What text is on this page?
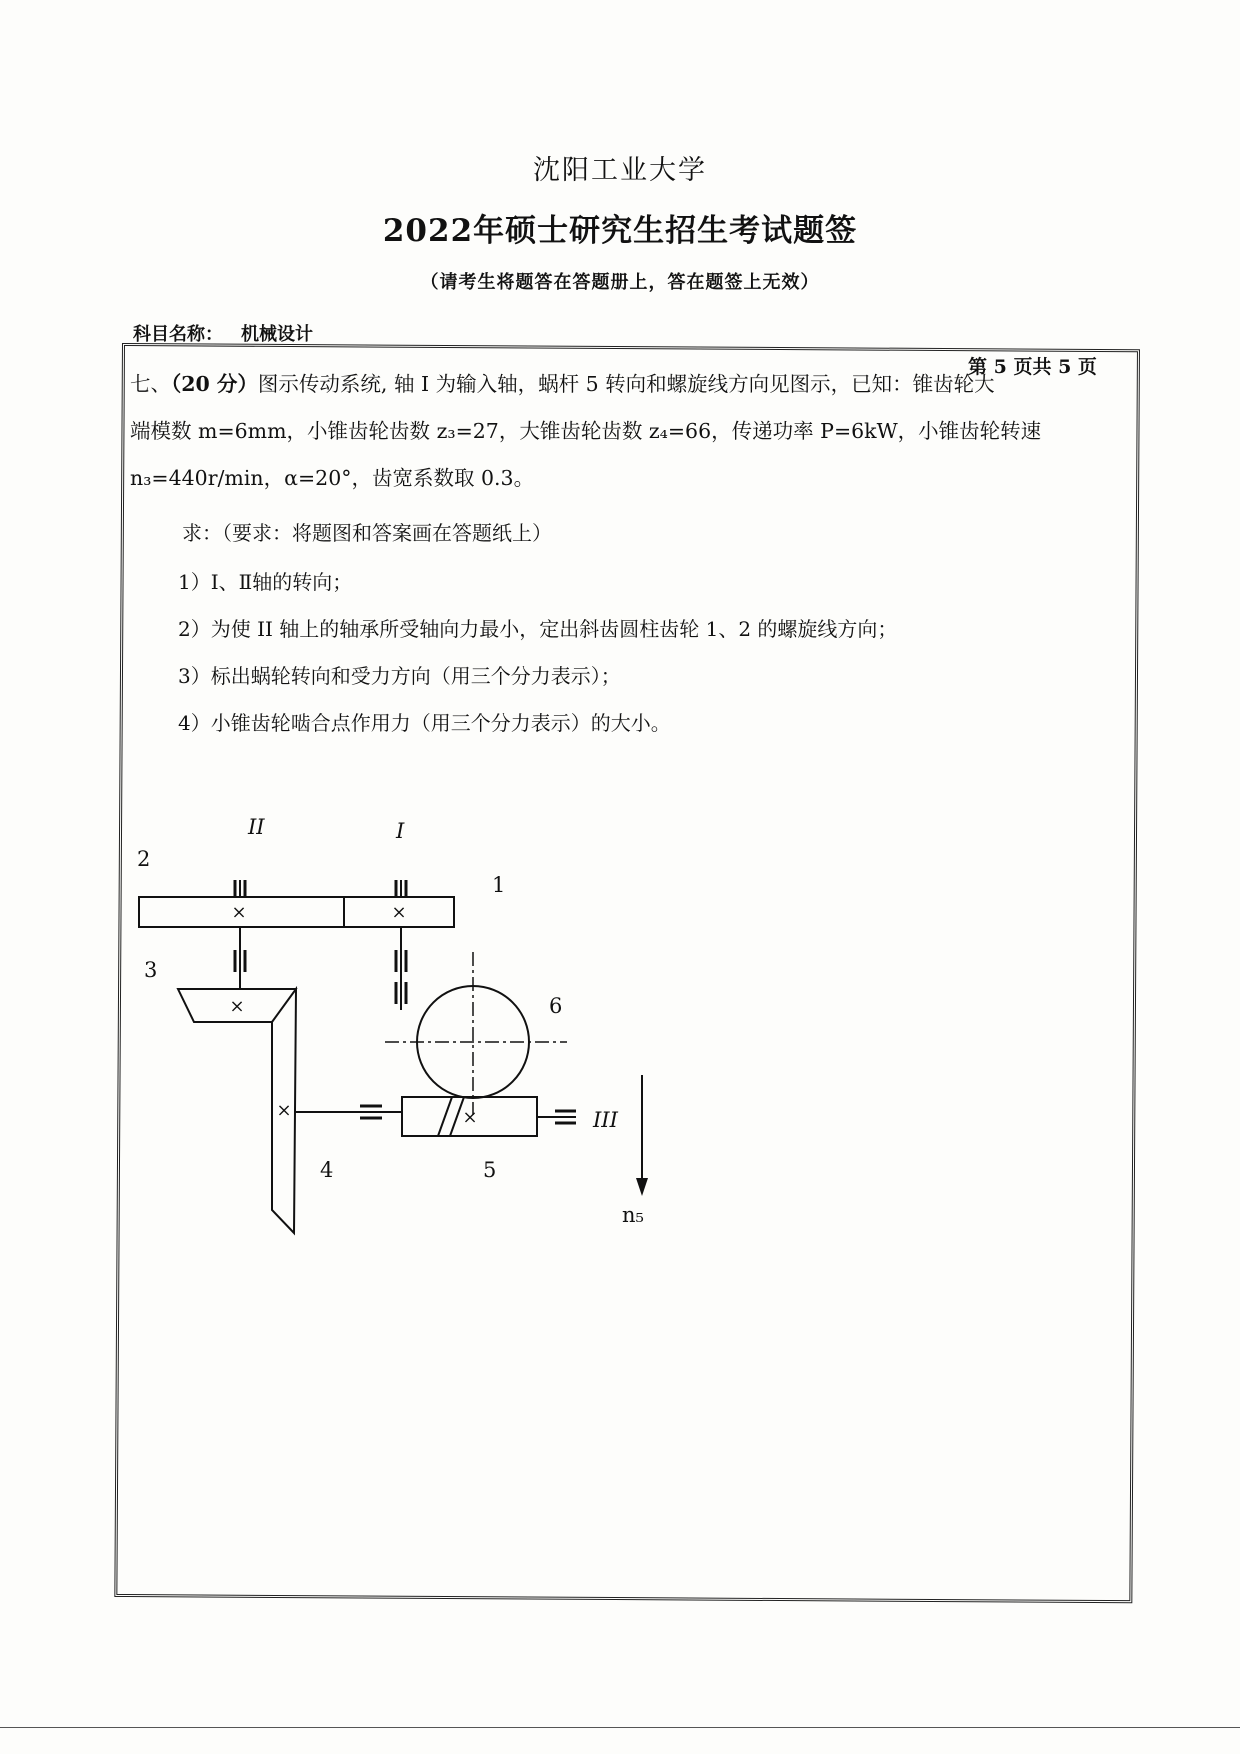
沈阳工业大学
2022年硕士研究生招生考试题签
（请考生将题答在答题册上，答在题签上无效）
科目名称： 机械设计
第 5 页共 5 页
七、（20 分）图示传动系统, 轴 I 为输入轴，蜗杆 5 转向和螺旋线方向见图示，已知：锥齿轮大
端模数 m=6mm，小锥齿轮齿数 z₃=27，大锥齿轮齿数 z₄=66，传递功率 P=6kW，小锥齿轮转速
n₃=440r/min，α=20°，齿宽系数取 0.3。
求：（要求：将题图和答案画在答题纸上）
1）Ⅰ、Ⅱ轴的转向；
2）为使 II 轴上的轴承所受轴向力最小，定出斜齿圆柱齿轮 1、2 的螺旋线方向；
3）标出蜗轮转向和受力方向（用三个分力表示）；
4）小锥齿轮啮合点作用力（用三个分力表示）的大小。
×	×
×
×	×
II	I
III
1
2
3
4	5
6
n₅
